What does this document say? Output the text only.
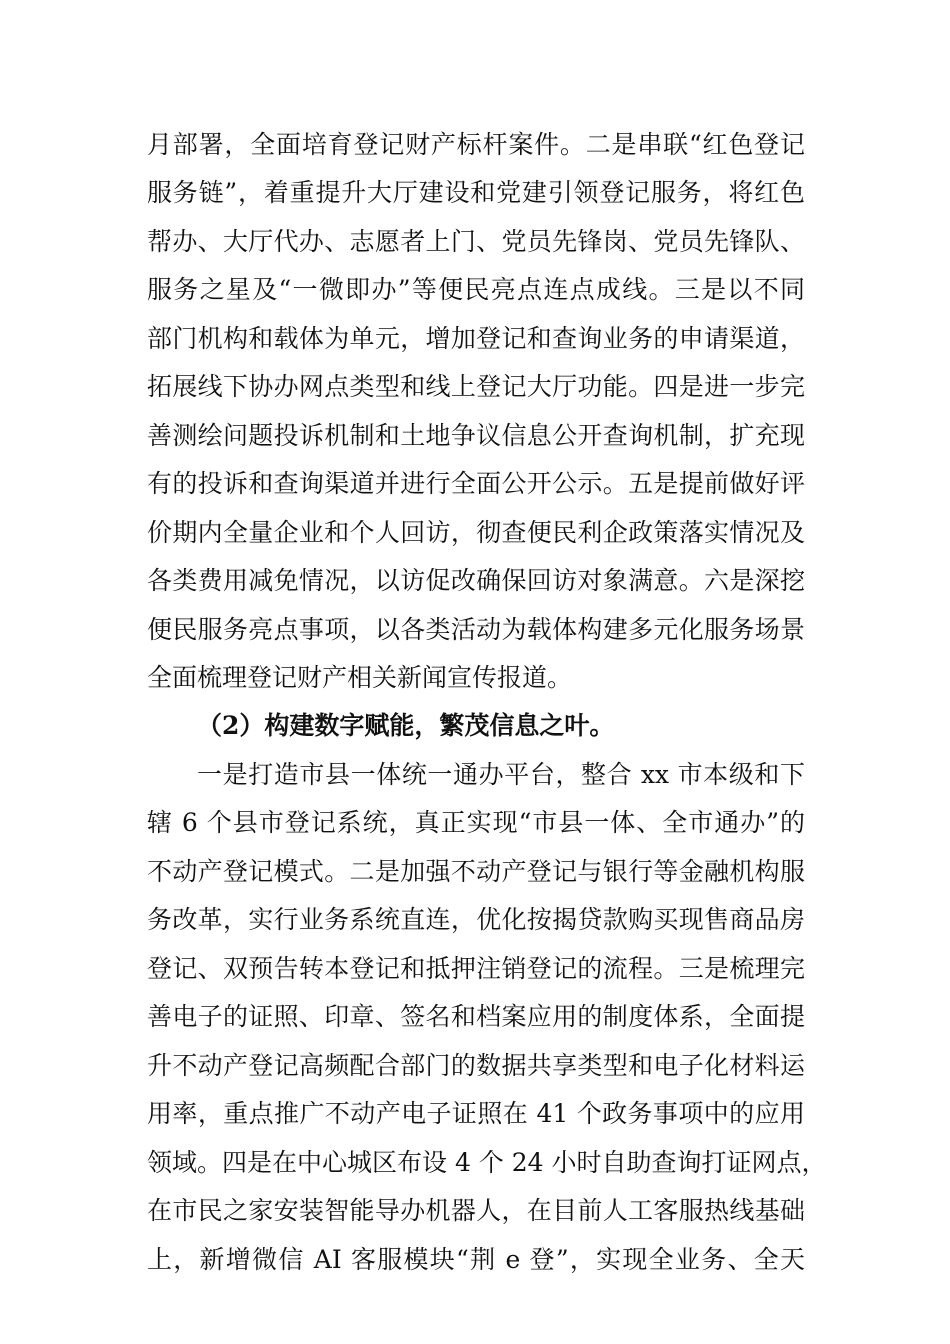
月部署，全面培育登记财产标杆案件。二是串联“红色登记
服务链”，着重提升大厅建设和党建引领登记服务，将红色
帮办、大厅代办、志愿者上门、党员先锋岗、党员先锋队、
服务之星及“一微即办”等便民亮点连点成线。三是以不同
部门机构和载体为单元，增加登记和查询业务的申请渠道，
拓展线下协办网点类型和线上登记大厅功能。四是进一步完
善测绘问题投诉机制和土地争议信息公开查询机制，扩充现
有的投诉和查询渠道并进行全面公开公示。五是提前做好评
价期内全量企业和个人回访，彻查便民利企政策落实情况及
各类费用减免情况，以访促改确保回访对象满意。六是深挖
便民服务亮点事项，以各类活动为载体构建多元化服务场景
全面梳理登记财产相关新闻宣传报道。
（2）构建数字赋能，繁茂信息之叶。
一是打造市县一体统一通办平台，整合 xx 市本级和下
辖 6 个县市登记系统，真正实现“市县一体、全市通办”的
不动产登记模式。二是加强不动产登记与银行等金融机构服
务改革，实行业务系统直连，优化按揭贷款购买现售商品房
登记、双预告转本登记和抵押注销登记的流程。三是梳理完
善电子的证照、印章、签名和档案应用的制度体系，全面提
升不动产登记高频配合部门的数据共享类型和电子化材料运
用率，重点推广不动产电子证照在 41 个政务事项中的应用
领域。四是在中心城区布设 4 个 24 小时自助查询打证网点，
在市民之家安装智能导办机器人，在目前人工客服热线基础
上，新增微信 AI 客服模块“荆 e 登”，实现全业务、全天
